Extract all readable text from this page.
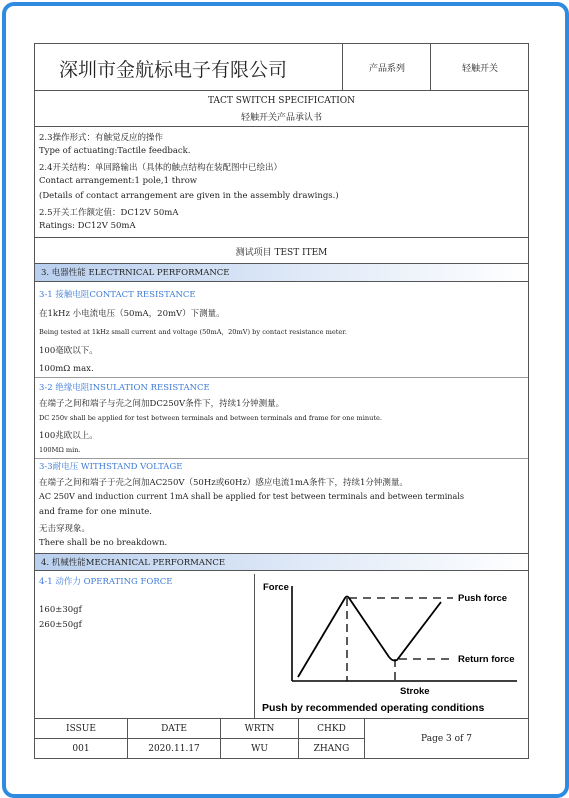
深圳市金航标电子有限公司	产品系列	轻触开关
TACT SWITCH SPECIFICATION
轻触开关产品承认书
2.3操作形式：有触觉反应的操作
Type of actuating:Tactile feedback.
2.4开关结构：单回路输出（具体的触点结构在装配图中已绘出）
Contact arrangement:1 pole,1 throw
(Details of contact arrangement are given in the assembly drawings.)
2.5开关工作额定值：DC12V 50mA
Ratings: DC12V 50mA
测试项目 TEST ITEM
3. 电器性能 ELECTRNICAL PERFORMANCE
3-1 接触电阻CONTACT RESISTANCE
在1kHz 小电流电压（50mA，20mV）下测量。
Being tested at 1kHz small current and voltage (50mA，20mV) by contact resistance meter.
100毫欧以下。
100mΩ max.
3-2 绝缘电阻INSULATION RESISTANCE
在端子之间和端子与壳之间加DC250V条件下，持续1分钟测量。
DC 250v shall be applied for test between terminals and between terminals and frame for one minute.
100兆欧以上。
100MΩ min.
3-3耐电压 WITHSTAND VOLTAGE
在端子之间和端子于壳之间加AC250V（50Hz或60Hz）感应电流1mA条件下，持续1分钟测量。
AC 250V and induction current 1mA shall be applied for test between terminals and between terminals
and frame for one minute.
无击穿现象。
There shall be no breakdown.
4. 机械性能MECHANICAL PERFORMANCE
4-1 动作力 OPERATING FORCE
160±30gf
260±50gf
Force
Push force
Return force
Stroke
Push by recommended operating conditions
ISSUE	DATE	WRTN	CHKD
001	2020.11.17	WU	ZHANG
Page 3 of 7
